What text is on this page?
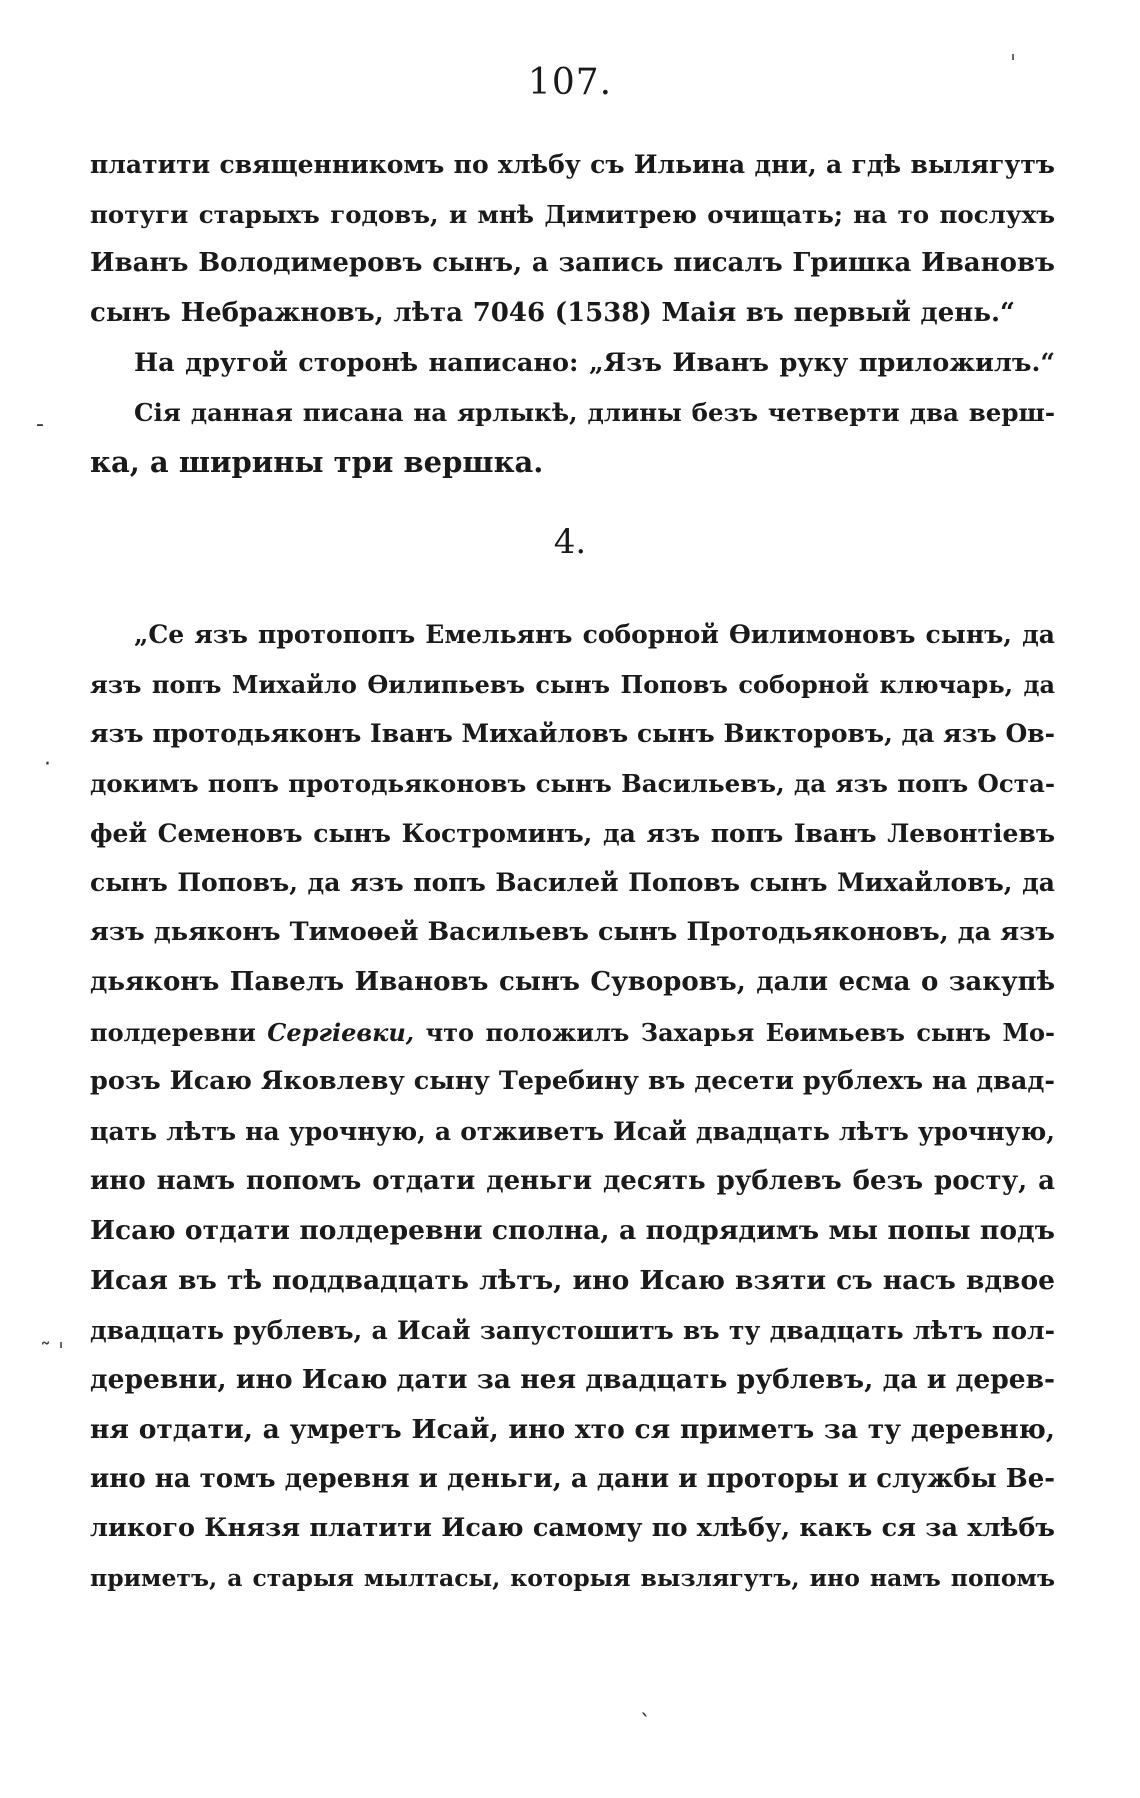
107.
платити священникомъ по хлѣбу съ Ильина дни, а гдѣ вылягутъ
потуги старыхъ годовъ, и мнѣ Димитрею очищать; на то послухъ
Иванъ Володимеровъ сынъ, а запись писалъ Гришка Ивановъ
сынъ Небражновъ, лѣта 7046 (1538) Маія въ первый день.“
На другой сторонѣ написано: „Язъ Иванъ руку приложилъ.“
Сія данная писана на ярлыкѣ, длины безъ четверти два верш-
ка, а ширины три вершка.
4.
„Се язъ протопопъ Емельянъ соборной Ѳилимоновъ сынъ, да
язъ попъ Михайло Ѳилипьевъ сынъ Поповъ соборной ключарь, да
язъ протодьяконъ Іванъ Михайловъ сынъ Викторовъ, да язъ Ов-
докимъ попъ протодьяконовъ сынъ Васильевъ, да язъ попъ Оста-
фей Семеновъ сынъ Костроминъ, да язъ попъ Іванъ Левонтіевъ
сынъ Поповъ, да язъ попъ Василей Поповъ сынъ Михайловъ, да
язъ дьяконъ Тимоѳей Васильевъ сынъ Протодьяконовъ, да язъ
дьяконъ Павелъ Ивановъ сынъ Суворовъ, дали есма о закупѣ
полдеревни Сергіевки, что положилъ Захарья Еѳимьевъ сынъ Мо-
розъ Исаю Яковлеву сыну Теребину въ десети рублехъ на двад-
цать лѣтъ на урочную, а отживетъ Исай двадцать лѣтъ урочную,
ино намъ попомъ отдати деньги десять рублевъ безъ росту, а
Исаю отдати полдеревни сполна, а подрядимъ мы попы подъ
Исая въ тѣ поддвадцать лѣтъ, ино Исаю взяти съ насъ вдвое
двадцать рублевъ, а Исай запустошитъ въ ту двадцать лѣтъ пол-
деревни, ино Исаю дати за нея двадцать рублевъ, да и дерев-
ня отдати, а умретъ Исай, ино хто ся приметъ за ту деревню,
ино на томъ деревня и деньги, а дани и проторы и службы Ве-
ликого Князя платити Исаю самому по хлѣбу, какъ ся за хлѣбъ
приметъ, а старыя мылтасы, которыя вызлягутъ, ино намъ попомъ
ˈ
-
·
˜ ˈ
ˎ
